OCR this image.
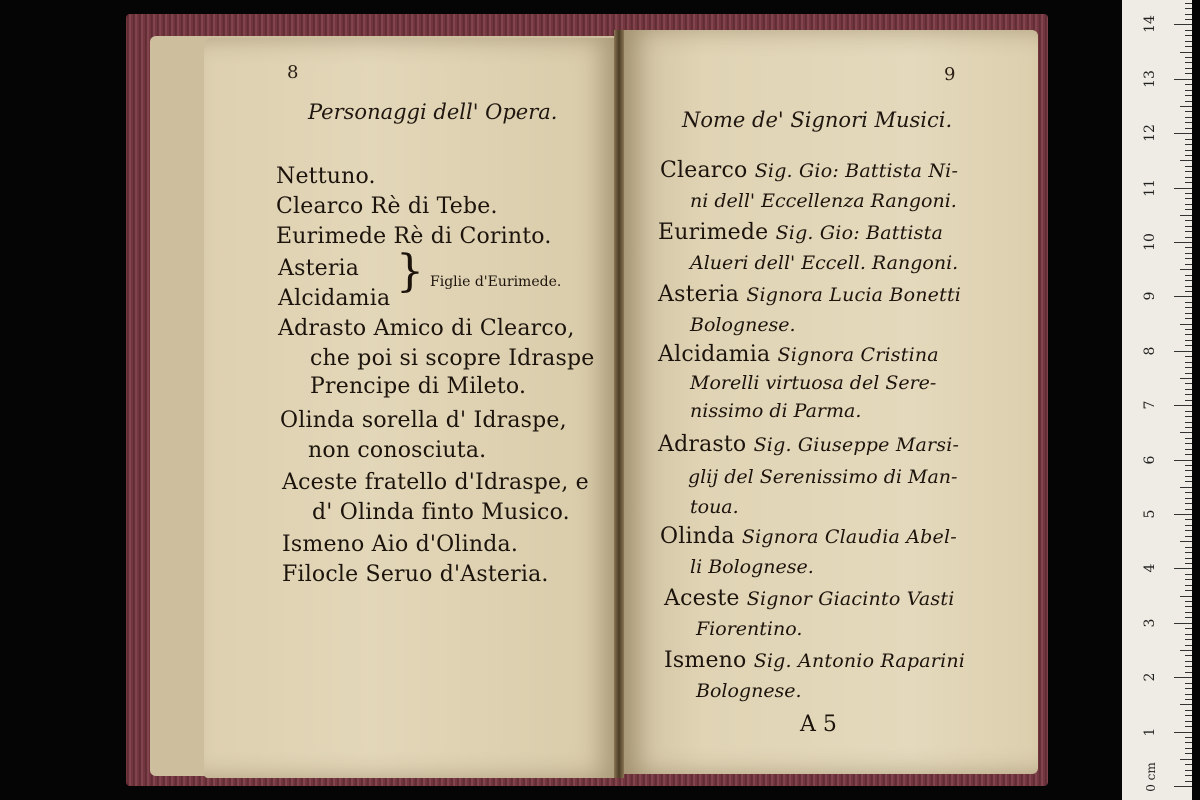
8
Personaggi dell' Opera.
Nettuno.
Clearco Rè di Tebe.
Eurimede Rè di Corinto.
Asteria
Alcidamia
} Figlie d'Eurimede.
Adrasto Amico di Clearco,
che poi si scopre Idraspe
Prencipe di Mileto.
Olinda sorella d' Idraspe,
non conosciuta.
Aceste fratello d'Idraspe, e
d' Olinda finto Musico.
Ismeno Aio d'Olinda.
Filocle Seruo d'Asteria.
9
Nome de' Signori Musici.
Clearco Sig. Gio: Battista Ni-
ni dell' Eccellenza Rangoni.
Eurimede Sig. Gio: Battista
Alueri dell' Eccell. Rangoni.
Asteria Signora Lucia Bonetti
Bolognese.
Alcidamia Signora Cristina
Morelli virtuosa del Sere-
nissimo di Parma.
Adrasto Sig. Giuseppe Marsi-
glij del Serenissimo di Man-
toua.
Olinda Signora Claudia Abel-
li Bolognese.
Aceste Signor Giacinto Vasti
Fiorentino.
Ismeno Sig. Antonio Raparini
Bolognese.
A 5
0 cm
1
2
3
4
5
6
7
8
9
10
11
12
13
14
